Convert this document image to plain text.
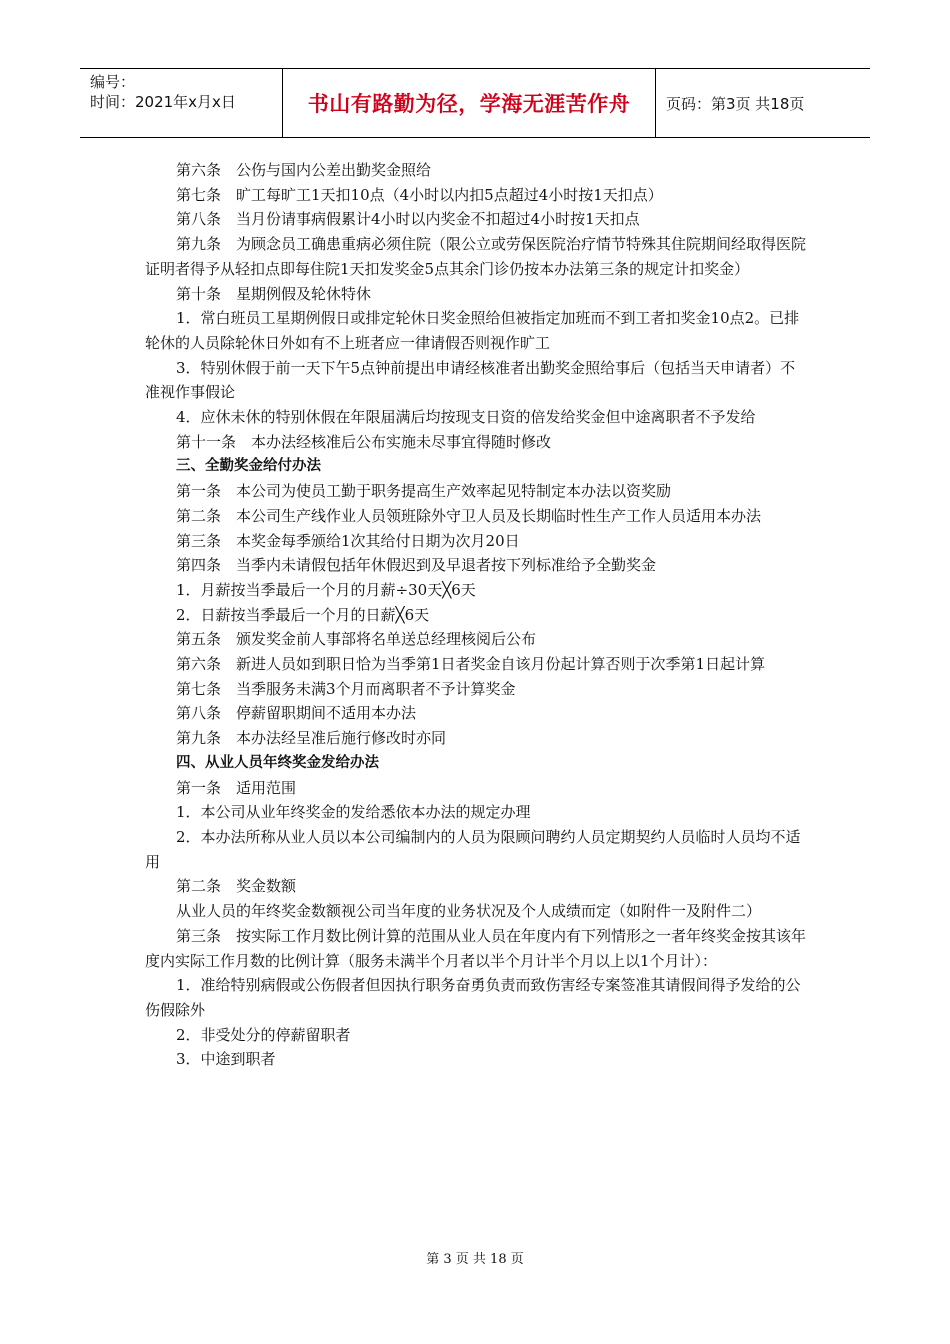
编号：
时间：2021年x月x日	书山有路勤为径，学海无涯苦作舟	页码：第3页 共18页

第六条　公伤与国内公差出勤奖金照给

第七条　旷工每旷工1天扣10点（4小时以内扣5点超过4小时按1天扣点）

第八条　当月份请事病假累计4小时以内奖金不扣超过4小时按1天扣点

第九条　为顾念员工确患重病必须住院（限公立或劳保医院治疗情节特殊其住院期间经取得医院证明者得予从轻扣点即每住院1天扣发奖金5点其余门诊仍按本办法第三条的规定计扣奖金）

第十条　星期例假及轮休特休

1．常白班员工星期例假日或排定轮休日奖金照给但被指定加班而不到工者扣奖金10点2。已排轮休的人员除轮休日外如有不上班者应一律请假否则视作旷工

3．特别休假于前一天下午5点钟前提出申请经核准者出勤奖金照给事后（包括当天申请者）不准视作事假论

4．应休未休的特别休假在年限届满后均按现支日资的倍发给奖金但中途离职者不予发给

第十一条　本办法经核准后公布实施未尽事宜得随时修改

三、全勤奖金给付办法

第一条　本公司为使员工勤于职务提高生产效率起见特制定本办法以资奖励

第二条　本公司生产线作业人员领班除外守卫人员及长期临时性生产工作人员适用本办法

第三条　本奖金每季颁给1次其给付日期为次月20日

第四条　当季内未请假包括年休假迟到及早退者按下列标准给予全勤奖金

1．月薪按当季最后一个月的月薪÷30天╳6天

2．日薪按当季最后一个月的日薪╳6天

第五条　颁发奖金前人事部将名单送总经理核阅后公布

第六条　新进人员如到职日恰为当季第1日者奖金自该月份起计算否则于次季第1日起计算

第七条　当季服务未满3个月而离职者不予计算奖金

第八条　停薪留职期间不适用本办法

第九条　本办法经呈准后施行修改时亦同

四、从业人员年终奖金发给办法

第一条　适用范围

1．本公司从业年终奖金的发给悉依本办法的规定办理

2．本办法所称从业人员以本公司编制内的人员为限顾问聘约人员定期契约人员临时人员均不适用

第二条　奖金数额

从业人员的年终奖金数额视公司当年度的业务状况及个人成绩而定（如附件一及附件二）

第三条　按实际工作月数比例计算的范围从业人员在年度内有下列情形之一者年终奖金按其该年度内实际工作月数的比例计算（服务未满半个月者以半个月计半个月以上以1个月计）：

1．准给特别病假或公伤假者但因执行职务奋勇负责而致伤害经专案签准其请假间得予发给的公伤假除外

2．非受处分的停薪留职者

3．中途到职者

第 3 页 共 18 页
